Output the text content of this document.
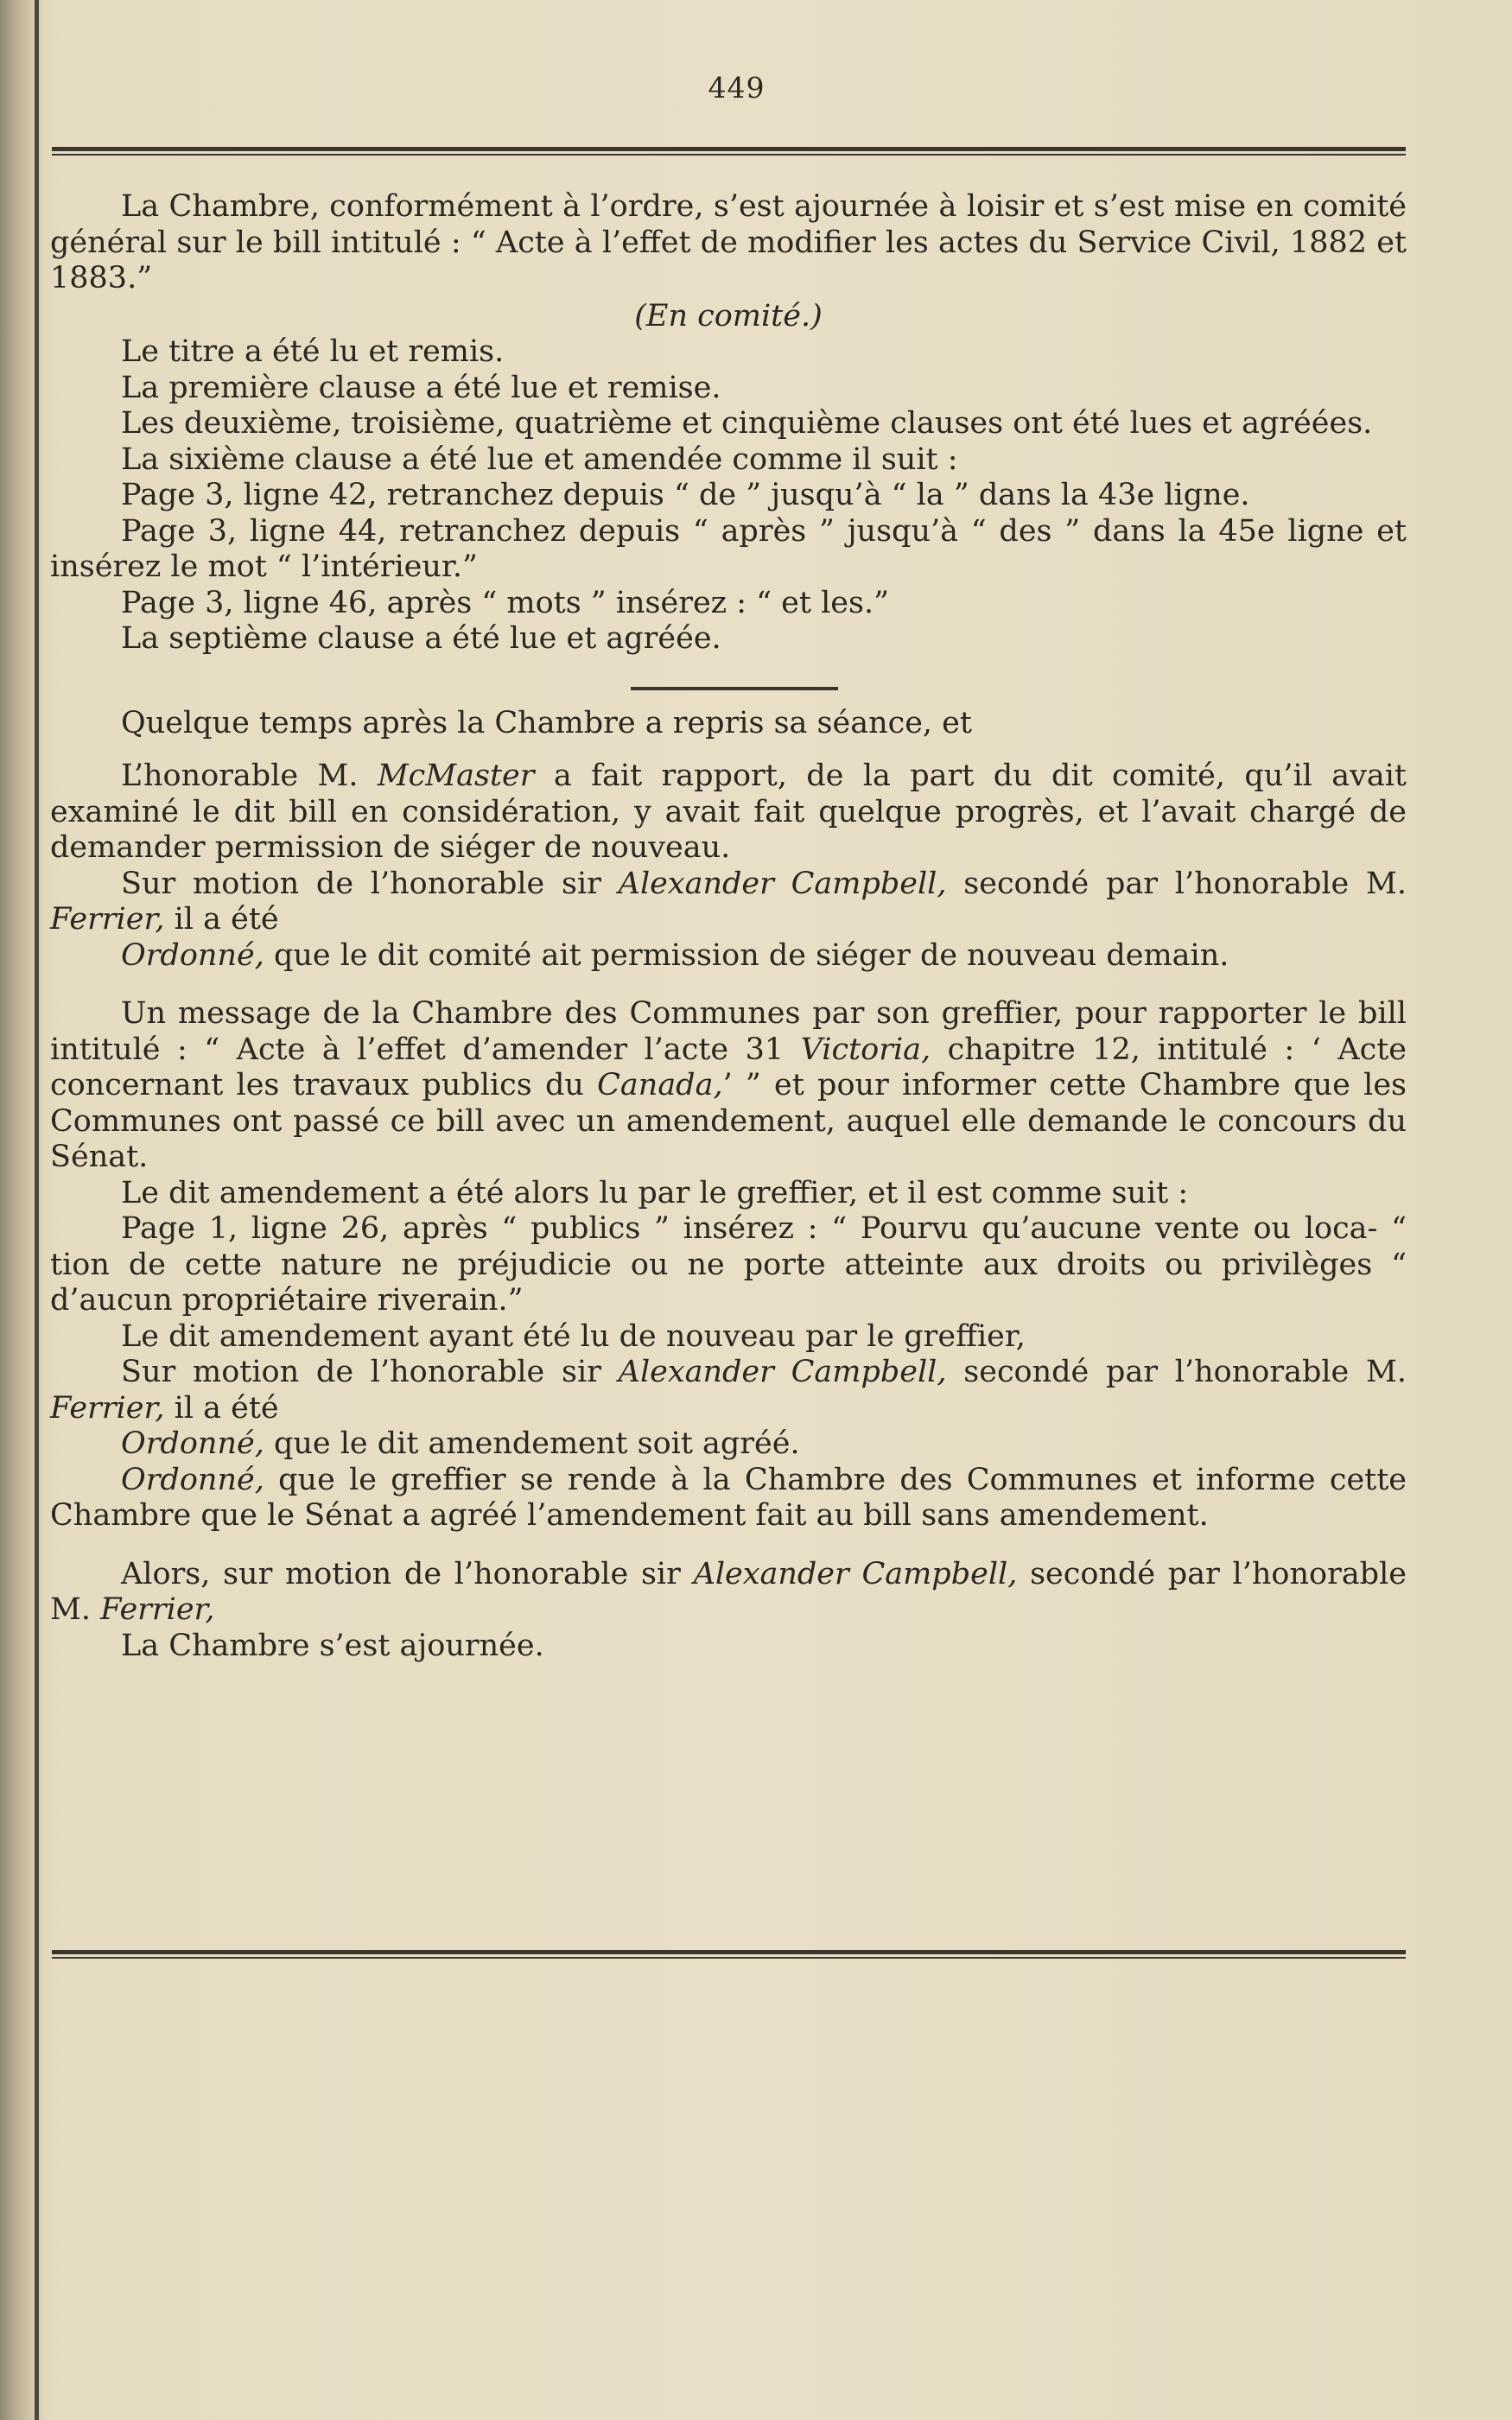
449

La Chambre, conformément à l’ordre, s’est ajournée à loisir et s’est mise en comité général sur le bill intitulé : “ Acte à l’effet de modifier les actes du Service Civil, 1882 et 1883.”

(En comité.)

Le titre a été lu et remis.

La première clause a été lue et remise.

Les deuxième, troisième, quatrième et cinquième clauses ont été lues et agréées.

La sixième clause a été lue et amendée comme il suit :

Page 3, ligne 42, retranchez depuis “ de ” jusqu’à “ la ” dans la 43e ligne.

Page 3, ligne 44, retranchez depuis “ après ” jusqu’à “ des ” dans la 45e ligne et insérez le mot “ l’intérieur.”

Page 3, ligne 46, après “ mots ” insérez : “ et les.”

La septième clause a été lue et agréée.

Quelque temps après la Chambre a repris sa séance, et

L’honorable M. McMaster a fait rapport, de la part du dit comité, qu’il avait examiné le dit bill en considération, y avait fait quelque progrès, et l’avait chargé de demander permission de siéger de nouveau.

Sur motion de l’honorable sir Alexander Campbell, secondé par l’honorable M. Ferrier, il a été

Ordonné, que le dit comité ait permission de siéger de nouveau demain.

Un message de la Chambre des Communes par son greffier, pour rapporter le bill intitulé : “ Acte à l’effet d’amender l’acte 31 Victoria, chapitre 12, intitulé : ‘ Acte concernant les travaux publics du Canada,’ ” et pour informer cette Chambre que les Communes ont passé ce bill avec un amendement, auquel elle demande le concours du Sénat.

Le dit amendement a été alors lu par le greffier, et il est comme suit :

Page 1, ligne 26, après “ publics ” insérez : “ Pourvu qu’aucune vente ou loca- “ tion de cette nature ne préjudicie ou ne porte atteinte aux droits ou privilèges “ d’aucun propriétaire riverain.”

Le dit amendement ayant été lu de nouveau par le greffier,

Sur motion de l’honorable sir Alexander Campbell, secondé par l’honorable M. Ferrier, il a été

Ordonné, que le dit amendement soit agréé.

Ordonné, que le greffier se rende à la Chambre des Communes et informe cette Chambre que le Sénat a agréé l’amendement fait au bill sans amendement.

Alors, sur motion de l’honorable sir Alexander Campbell, secondé par l’honorable M. Ferrier,

La Chambre s’est ajournée.
